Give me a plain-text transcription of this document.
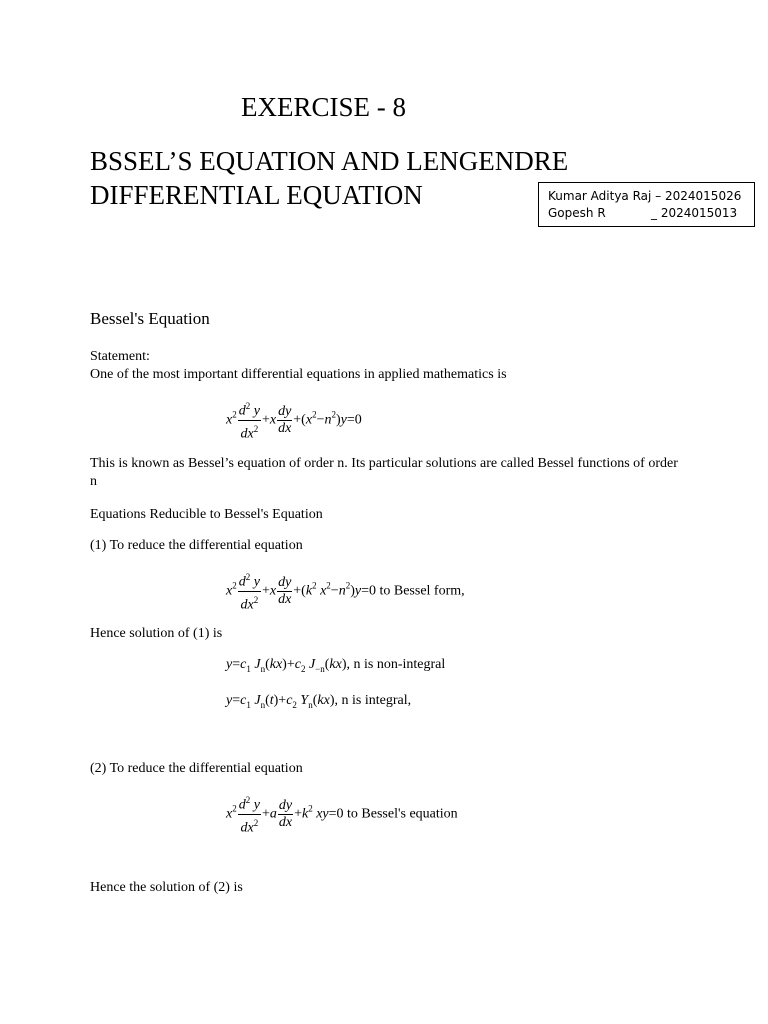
EXERCISE - 8
BSSEL’S EQUATION AND LENGENDRE
DIFFERENTIAL EQUATION	Kumar Aditya Raj – 2024015026
Gopesh R	_ 2024015013
Bessel's Equation
Statement:
One of the most important differential equations in applied mathematics is
$x^2 \frac{d^2 y}{dx^2} +x \frac{dy}{dx} +(x^2-n^2)y=0$
This is known as Bessel’s equation of order n. Its particular solutions are called Bessel functions of order n
Equations Reducible to Bessel's Equation
(1) To reduce the differential equation
$x^2 \frac{d^2 y}{dx^2} +x \frac{dy}{dx} +(k^2$ $x^2-n^2)y=0$ to Bessel form,
Hence solution of (1) is
$y=c_1$ $J_n(kx)+c_2$ $J_{-n}(kx)$, n is non-integral
$y=c_1$ $J_n(t)+c_2$ $Y_n(kx)$, n is integral,
(2) To reduce the differential equation
$x^2 \frac{d^2 y}{dx^2} +a \frac{dy}{dx} +k^2$ xy=0 to Bessel's equation
Hence the solution of (2) is
